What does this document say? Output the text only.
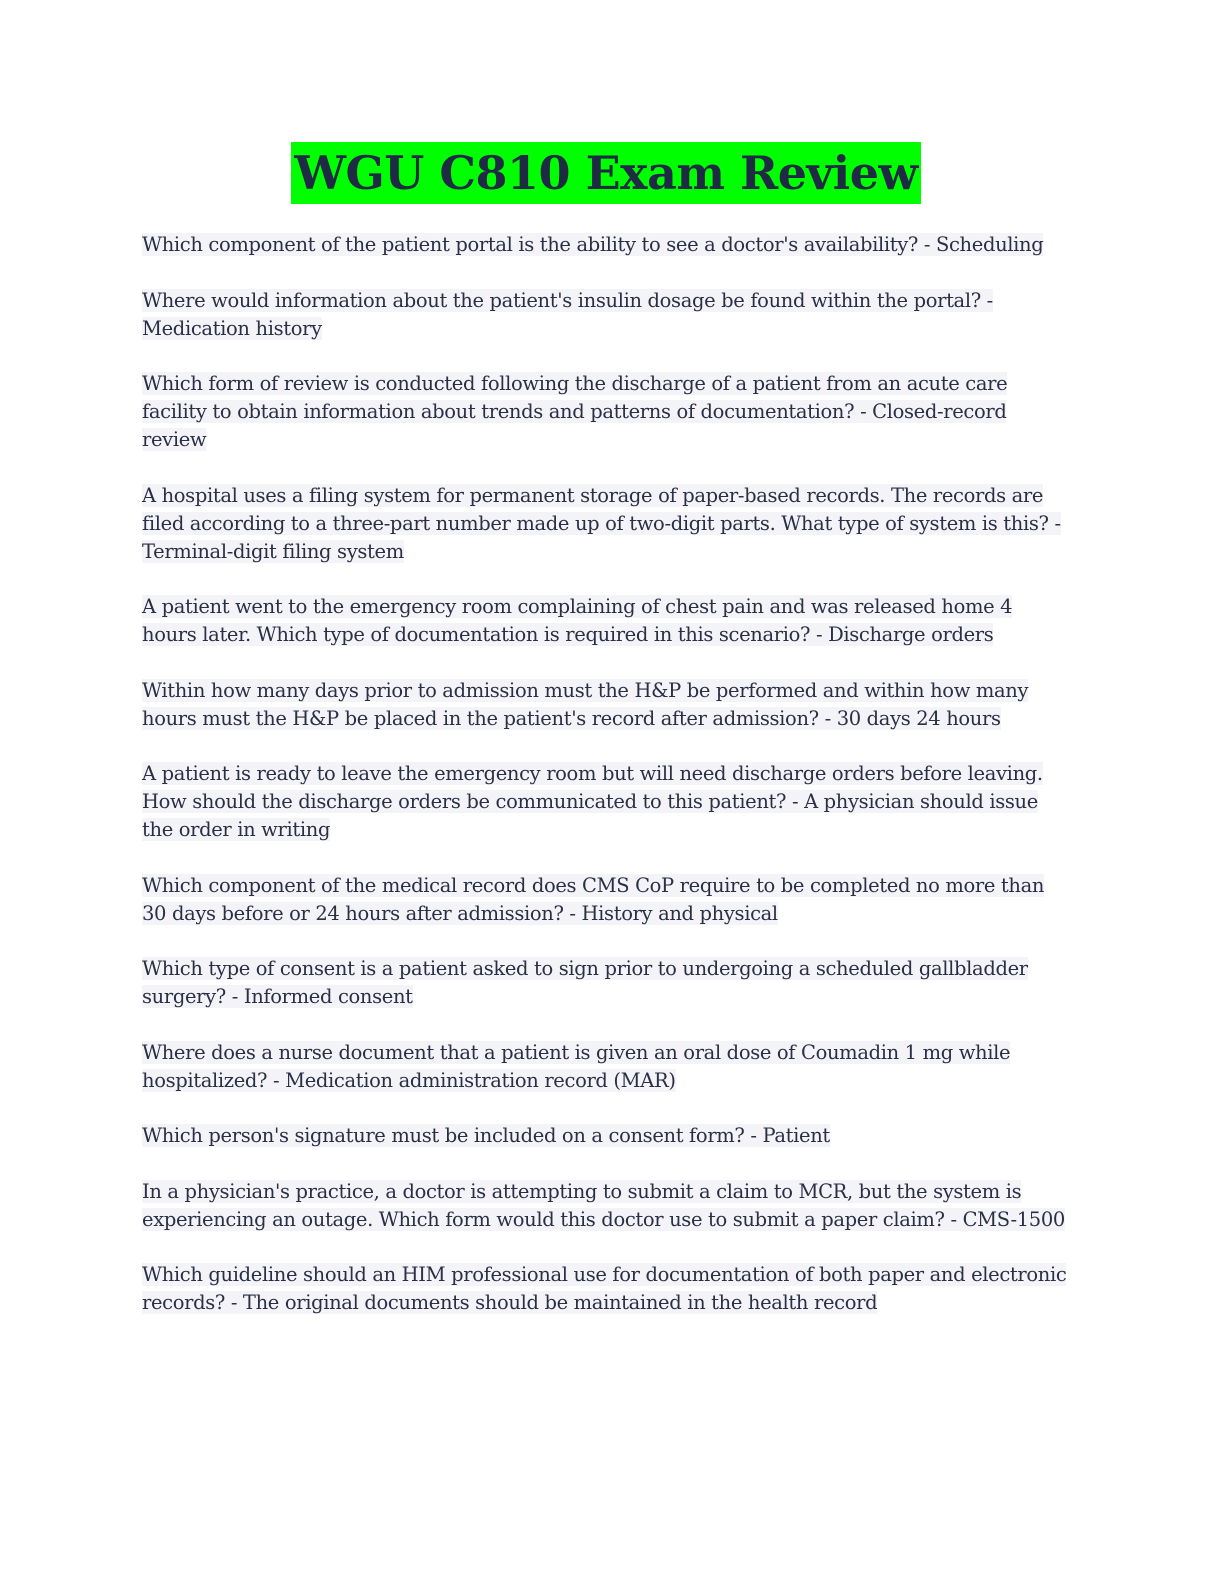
WGU C810 Exam Review

Which component of the patient portal is the ability to see a doctor's availability? - Scheduling

Where would information about the patient's insulin dosage be found within the portal? - Medication history

Which form of review is conducted following the discharge of a patient from an acute care facility to obtain information about trends and patterns of documentation? - Closed-record review

A hospital uses a filing system for permanent storage of paper-based records. The records are filed according to a three-part number made up of two-digit parts. What type of system is this? - Terminal-digit filing system

A patient went to the emergency room complaining of chest pain and was released home 4 hours later. Which type of documentation is required in this scenario? - Discharge orders

Within how many days prior to admission must the H&P be performed and within how many hours must the H&P be placed in the patient's record after admission? - 30 days 24 hours

A patient is ready to leave the emergency room but will need discharge orders before leaving. How should the discharge orders be communicated to this patient? - A physician should issue the order in writing

Which component of the medical record does CMS CoP require to be completed no more than 30 days before or 24 hours after admission? - History and physical

Which type of consent is a patient asked to sign prior to undergoing a scheduled gallbladder surgery? - Informed consent

Where does a nurse document that a patient is given an oral dose of Coumadin 1 mg while hospitalized? - Medication administration record (MAR)

Which person's signature must be included on a consent form? - Patient

In a physician's practice, a doctor is attempting to submit a claim to MCR, but the system is experiencing an outage. Which form would this doctor use to submit a paper claim? - CMS-1500

Which guideline should an HIM professional use for documentation of both paper and electronic records? - The original documents should be maintained in the health record
